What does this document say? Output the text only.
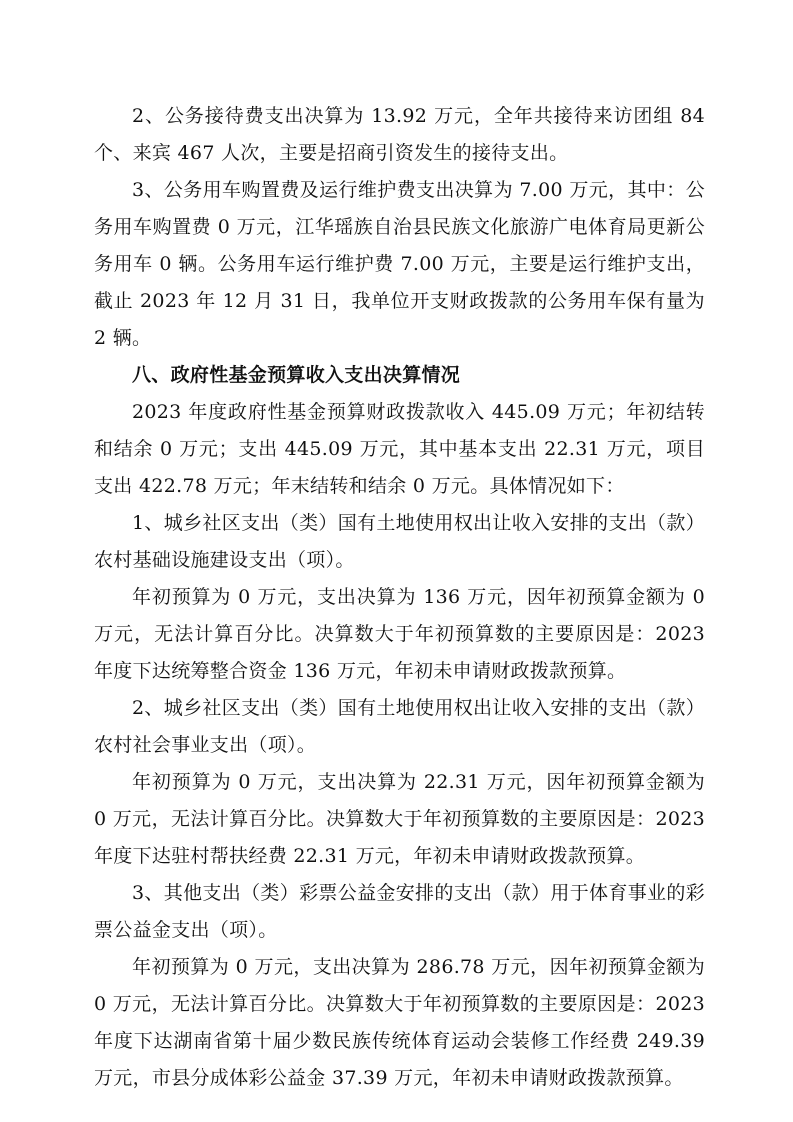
2、公务接待费支出决算为 13.92 万元，全年共接待来访团组 84 个、来宾 467 人次，主要是招商引资发生的接待支出。

3、公务用车购置费及运行维护费支出决算为 7.00 万元，其中：公务用车购置费 0 万元，江华瑶族自治县民族文化旅游广电体育局更新公务用车 0 辆。公务用车运行维护费 7.00 万元，主要是运行维护支出，截止 2023 年 12 月 31 日，我单位开支财政拨款的公务用车保有量为 2 辆。

八、政府性基金预算收入支出决算情况

2023 年度政府性基金预算财政拨款收入 445.09 万元；年初结转和结余 0 万元；支出 445.09 万元，其中基本支出 22.31 万元，项目支出 422.78 万元；年末结转和结余 0 万元。具体情况如下：

1、城乡社区支出（类）国有土地使用权出让收入安排的支出（款）农村基础设施建设支出（项）。

年初预算为 0 万元，支出决算为 136 万元，因年初预算金额为 0 万元，无法计算百分比。决算数大于年初预算数的主要原因是：2023 年度下达统筹整合资金 136 万元，年初未申请财政拨款预算。

2、城乡社区支出（类）国有土地使用权出让收入安排的支出（款）农村社会事业支出（项）。

年初预算为 0 万元，支出决算为 22.31 万元，因年初预算金额为 0 万元，无法计算百分比。决算数大于年初预算数的主要原因是：2023 年度下达驻村帮扶经费 22.31 万元，年初未申请财政拨款预算。

3、其他支出（类）彩票公益金安排的支出（款）用于体育事业的彩票公益金支出（项）。

年初预算为 0 万元，支出决算为 286.78 万元，因年初预算金额为 0 万元，无法计算百分比。决算数大于年初预算数的主要原因是：2023 年度下达湖南省第十届少数民族传统体育运动会装修工作经费 249.39 万元，市县分成体彩公益金 37.39 万元，年初未申请财政拨款预算。
